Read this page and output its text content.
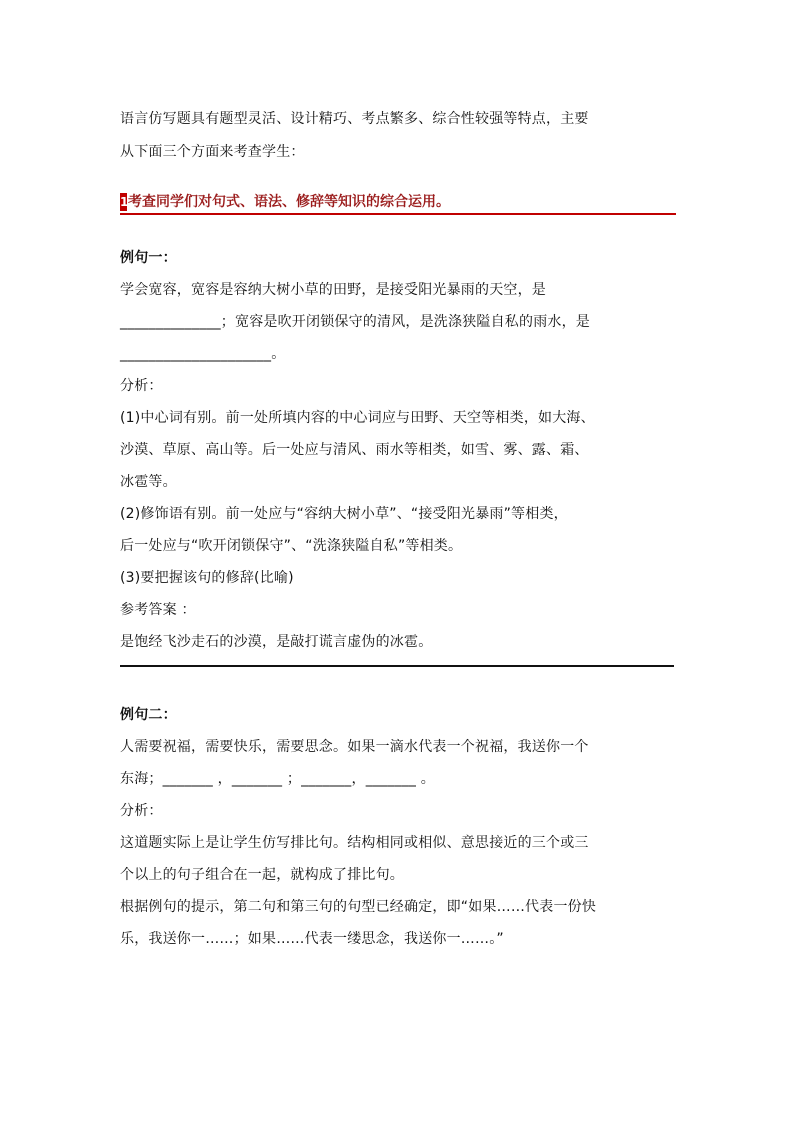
语言仿写题具有题型灵活、设计精巧、考点繁多、综合性较强等特点，主要
从下面三个方面来考查学生：
1 考查同学们对句式、语法、修辞等知识的综合运用。
例句一：
学会宽容，宽容是容纳大树小草的田野，是接受阳光暴雨的天空，是
______________；宽容是吹开闭锁保守的清风，是洗涤狭隘自私的雨水，是
_____________________。
分析：
(1)中心词有别。前一处所填内容的中心词应与田野、天空等相类，如大海、
沙漠、草原、高山等。后一处应与清风、雨水等相类，如雪、雾、露、霜、
冰雹等。
(2)修饰语有别。前一处应与“容纳大树小草”、“接受阳光暴雨”等相类，
后一处应与“吹开闭锁保守”、“洗涤狭隘自私”等相类。
(3)要把握该句的修辞(比喻)
参考答案 ：
是饱经飞沙走石的沙漠，是敲打谎言虚伪的冰雹。
例句二：
人需要祝福，需要快乐，需要思念。如果一滴水代表一个祝福，我送你一个
东海；_______ ，_______ ；_______，_______ 。
分析：
这道题实际上是让学生仿写排比句。结构相同或相似、意思接近的三个或三
个以上的句子组合在一起，就构成了排比句。
根据例句的提示，第二句和第三句的句型已经确定，即“如果……代表一份快
乐，我送你一……；如果……代表一缕思念，我送你一……。”
